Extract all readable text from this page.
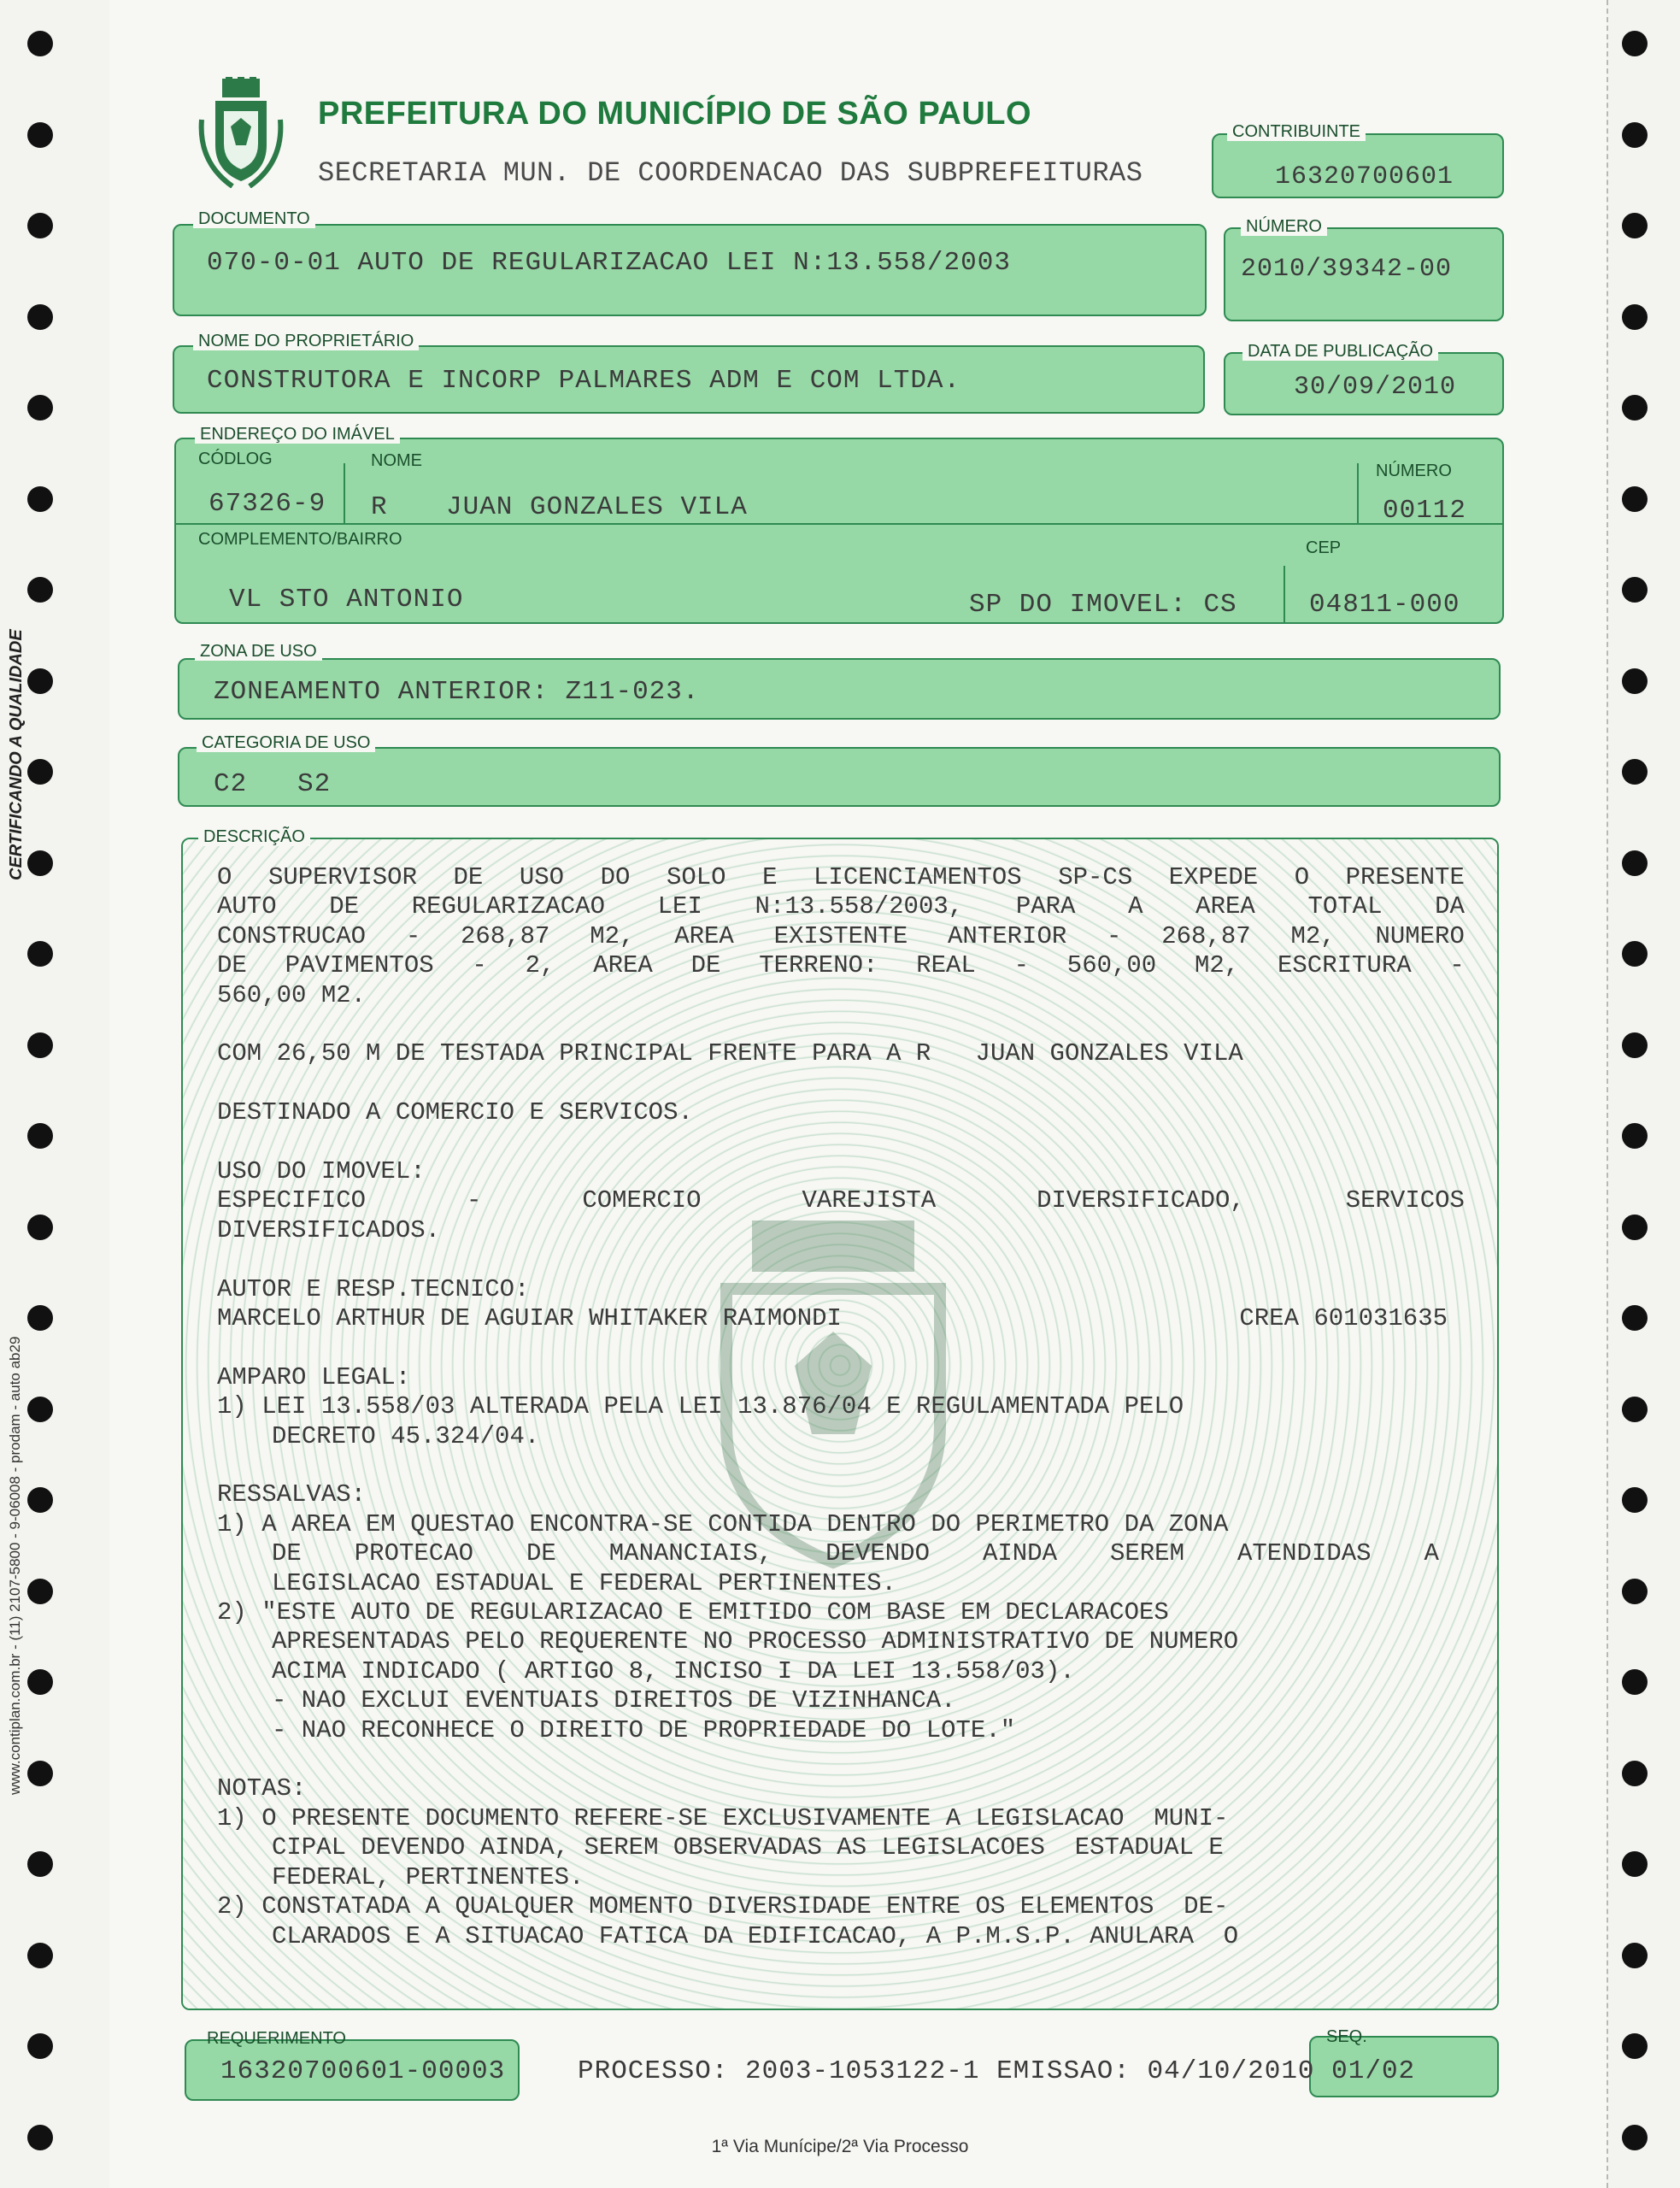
CERTIFICANDO A QUALIDADE
www.contiplan.com.br - (11) 2107-5800 - 9-06008 - prodam - auto ab29
PREFEITURA DO MUNICÍPIO DE SÃO PAULO
SECRETARIA MUN. DE COORDENACAO DAS SUBPREFEITURAS
CONTRIBUINTE
16320700601
DOCUMENTO
070-0-01 AUTO DE REGULARIZACAO LEI N:13.558/2003
NÚMERO
2010/39342-00
NOME DO PROPRIETÁRIO
CONSTRUTORA E INCORP PALMARES ADM E COM LTDA.
DATA DE PUBLICAÇÃO
30/09/2010
ENDEREÇO DO IMÁVEL
CÓDLOG	NOME
NÚMERO
67326-9 R JUAN GONZALES VILA	00112
COMPLEMENTO/BAIRRO	CEP
VL STO ANTONIO	SP DO IMOVEL: CS	04811-000
ZONA DE USO
ZONEAMENTO ANTERIOR: Z11-023.
CATEGORIA DE USO
C2   S2
O SUPERVISOR DE USO DO SOLO E LICENCIAMENTOS SP-CS EXPEDE O PRESENTE
AUTO DE REGULARIZACAO LEI N:13.558/2003, PARA A AREA TOTAL DA
CONSTRUCAO - 268,87 M2, AREA EXISTENTE ANTERIOR - 268,87 M2, NUMERO
DE PAVIMENTOS - 2, AREA DE TERRENO: REAL - 560,00 M2, ESCRITURA -
560,00 M2.
COM 26,50 M DE TESTADA PRINCIPAL FRENTE PARA A R   JUAN GONZALES VILA
DESTINADO A COMERCIO E SERVICOS.
USO DO IMOVEL:
ESPECIFICO	-	COMERCIO	VAREJISTA	DIVERSIFICADO,	SERVICOS
DIVERSIFICADOS.
AUTOR E RESP.TECNICO:
MARCELO ARTHUR DE AGUIAR WHITAKER RAIMONDI	CREA 601031635
AMPARO LEGAL:
1) LEI 13.558/03 ALTERADA PELA LEI 13.876/04 E REGULAMENTADA PELO
DECRETO 45.324/04.
RESSALVAS:
1) A AREA EM QUESTAO ENCONTRA-SE CONTIDA DENTRO DO PERIMETRO DA ZONA
DE PROTECAO DE MANANCIAIS, DEVENDO AINDA SEREM ATENDIDAS A
LEGISLACAO ESTADUAL E FEDERAL PERTINENTES.
2) "ESTE AUTO DE REGULARIZACAO E EMITIDO COM BASE EM DECLARACOES
APRESENTADAS PELO REQUERENTE NO PROCESSO ADMINISTRATIVO DE NUMERO
ACIMA INDICADO ( ARTIGO 8, INCISO I DA LEI 13.558/03).
- NAO EXCLUI EVENTUAIS DIREITOS DE VIZINHANCA.
- NAO RECONHECE O DIREITO DE PROPRIEDADE DO LOTE."
NOTAS:
1) O PRESENTE DOCUMENTO REFERE-SE EXCLUSIVAMENTE A LEGISLACAO  MUNI-
CIPAL DEVENDO AINDA, SEREM OBSERVADAS AS LEGISLACOES  ESTADUAL E
FEDERAL, PERTINENTES.
2) CONSTATADA A QUALQUER MOMENTO DIVERSIDADE ENTRE OS ELEMENTOS  DE-
CLARADOS E A SITUACAO FATICA DA EDIFICACAO, A P.M.S.P. ANULARA  O
DESCRIÇÃO
REQUERIMENTO
16320700601-00003
SEQ.
PROCESSO: 2003-1053122-1 EMISSAO: 04/10/2010 01/02
1ª Via Munícipe/2ª Via Processo
